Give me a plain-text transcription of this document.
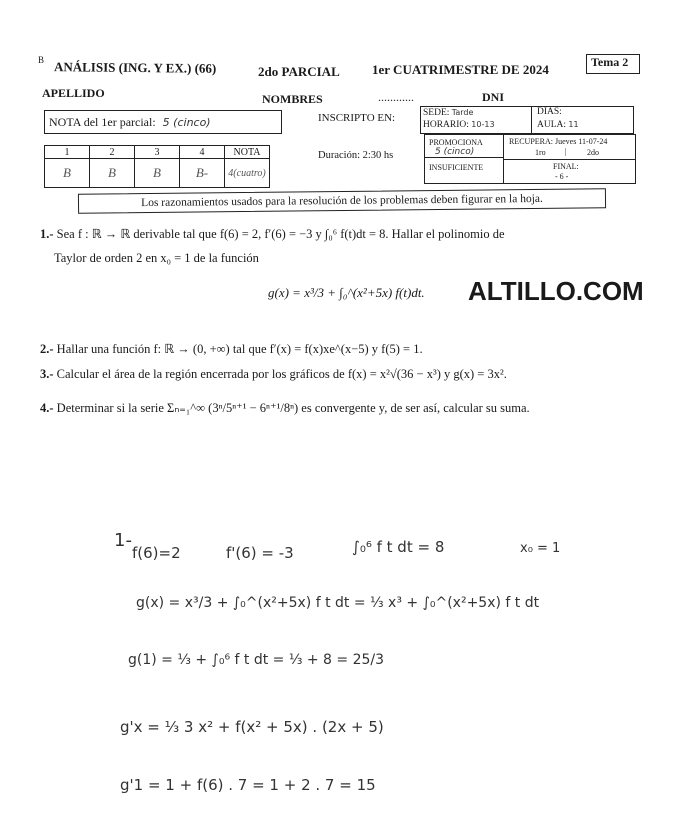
B ANÁLISIS (ING. Y EX.) (66)	2do PARCIAL 1er CUATRIMESTRE DE 2024	Tema 2
APELLIDO	NOMBRES	............	DNI
NOTA del 1er parcial: 5 (cinco)	INSCRIPTO EN:	SEDE: Tarde
HORARIO: 10-13
DIAS:
AULA: 11
1	2	3	4	NOTA
B	B	B	B-	4(cuatro)
Duración: 2:30 hs
PROMOCIONA
5 (cinco)
INSUFICIENTE
RECUPERA: Jueves 11-07-24
1ro |	2do
FINAL:
- 6 -
Los razonamientos usados para la resolución de los problemas deben figurar en la hoja.
1.- Sea f : ℝ → ℝ derivable tal que f(6) = 2, f′(6) = −3 y ∫₀⁶ f(t)dt = 8. Hallar el polinomio de
Taylor de orden 2 en x₀ = 1 de la función
g(x) = x³/3 + ∫₀^(x²+5x) f(t)dt. ALTILLO.COM
2.- Hallar una función f: ℝ → (0, +∞) tal que f′(x) = f(x)xe^(x−5) y f(5) = 1.
3.- Calcular el área de la región encerrada por los gráficos de f(x) = x²√(36 − x³) y g(x) = 3x².
4.- Determinar si la serie Σₙ₌₁^∞ (3ⁿ/5ⁿ⁺¹ − 6ⁿ⁺¹/8ⁿ) es convergente y, de ser así, calcular su suma.
1-
f(6)=2	f'(6) = -3	∫₀⁶ f t dt = 8	x₀ = 1
g(x) = x³/3 + ∫₀^(x²+5x) f t dt = ⅓ x³ + ∫₀^(x²+5x) f t dt
g(1) = ⅓ + ∫₀⁶ f t dt = ⅓ + 8 = 25/3
g'x = ⅓ 3 x² + f(x² + 5x) . (2x + 5)
g'1 = 1 + f(6) . 7 = 1 + 2 . 7 = 15
